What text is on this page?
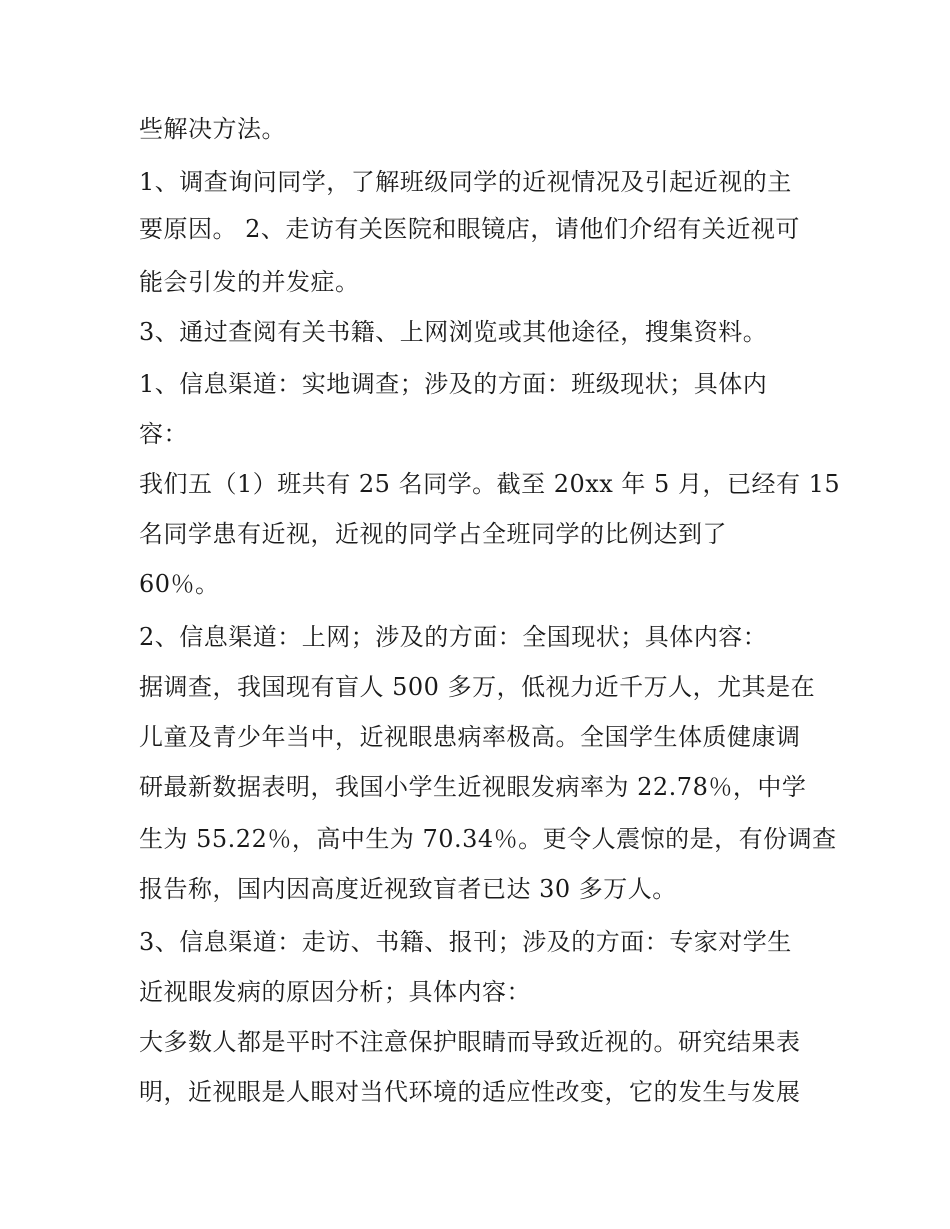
些解决方法。
1、调查询问同学，了解班级同学的近视情况及引起近视的主
要原因。 2、走访有关医院和眼镜店，请他们介绍有关近视可
能会引发的并发症。
3、通过查阅有关书籍、上网浏览或其他途径，搜集资料。
1、信息渠道：实地调查；涉及的方面：班级现状；具体内
容：
我们五（1）班共有 25 名同学。截至 20xx 年 5 月，已经有 15
名同学患有近视，近视的同学占全班同学的比例达到了
60％。
2、信息渠道：上网；涉及的方面：全国现状；具体内容：
据调查，我国现有盲人 500 多万，低视力近千万人，尤其是在
儿童及青少年当中，近视眼患病率极高。全国学生体质健康调
研最新数据表明，我国小学生近视眼发病率为 22.78％，中学
生为 55.22％，高中生为 70.34％。更令人震惊的是，有份调查
报告称，国内因高度近视致盲者已达 30 多万人。
3、信息渠道：走访、书籍、报刊；涉及的方面：专家对学生
近视眼发病的原因分析；具体内容：
大多数人都是平时不注意保护眼睛而导致近视的。研究结果表
明，近视眼是人眼对当代环境的适应性改变，它的发生与发展
